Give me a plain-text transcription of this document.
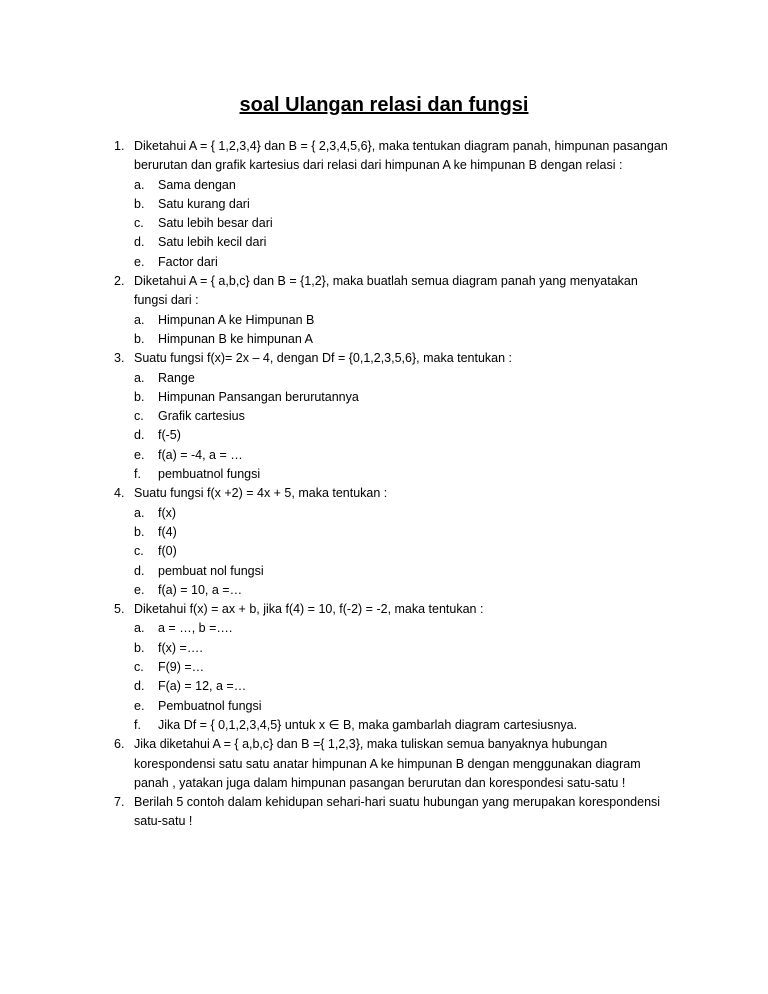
soal Ulangan relasi dan fungsi
1. Diketahui A = { 1,2,3,4} dan B = { 2,3,4,5,6}, maka tentukan diagram panah, himpunan pasangan berurutan dan grafik kartesius dari relasi dari himpunan A ke himpunan B dengan relasi :
a. Sama dengan
b. Satu kurang dari
c. Satu lebih besar dari
d. Satu lebih kecil dari
e. Factor dari
2. Diketahui A = { a,b,c} dan B = {1,2}, maka buatlah semua diagram panah yang menyatakan fungsi dari :
a. Himpunan A ke Himpunan B
b. Himpunan B ke himpunan A
3. Suatu fungsi f(x)= 2x – 4, dengan Df = {0,1,2,3,5,6}, maka tentukan :
a. Range
b. Himpunan Pansangan berurutannya
c. Grafik cartesius
d. f(-5)
e. f(a) = -4, a = …
f. pembuatnol fungsi
4. Suatu fungsi f(x +2) = 4x + 5, maka tentukan :
a. f(x)
b. f(4)
c. f(0)
d. pembuat nol fungsi
e. f(a) = 10, a =…
5. Diketahui f(x) = ax + b, jika f(4) = 10, f(-2) = -2, maka tentukan :
a. a = …, b =….
b. f(x) =….
c. F(9) =…
d. F(a) = 12, a =…
e. Pembuatnol fungsi
f. Jika Df = { 0,1,2,3,4,5} untuk x ∈ B, maka gambarlah diagram cartesiusnya.
6. Jika diketahui A = { a,b,c} dan B ={ 1,2,3}, maka tuliskan semua banyaknya hubungan korespondensi satu satu anatar himpunan A ke himpunan B dengan menggunakan diagram panah , yatakan juga dalam himpunan pasangan berurutan dan korespondesi satu-satu !
7. Berilah 5 contoh dalam kehidupan sehari-hari suatu hubungan yang merupakan korespondensi satu-satu !
